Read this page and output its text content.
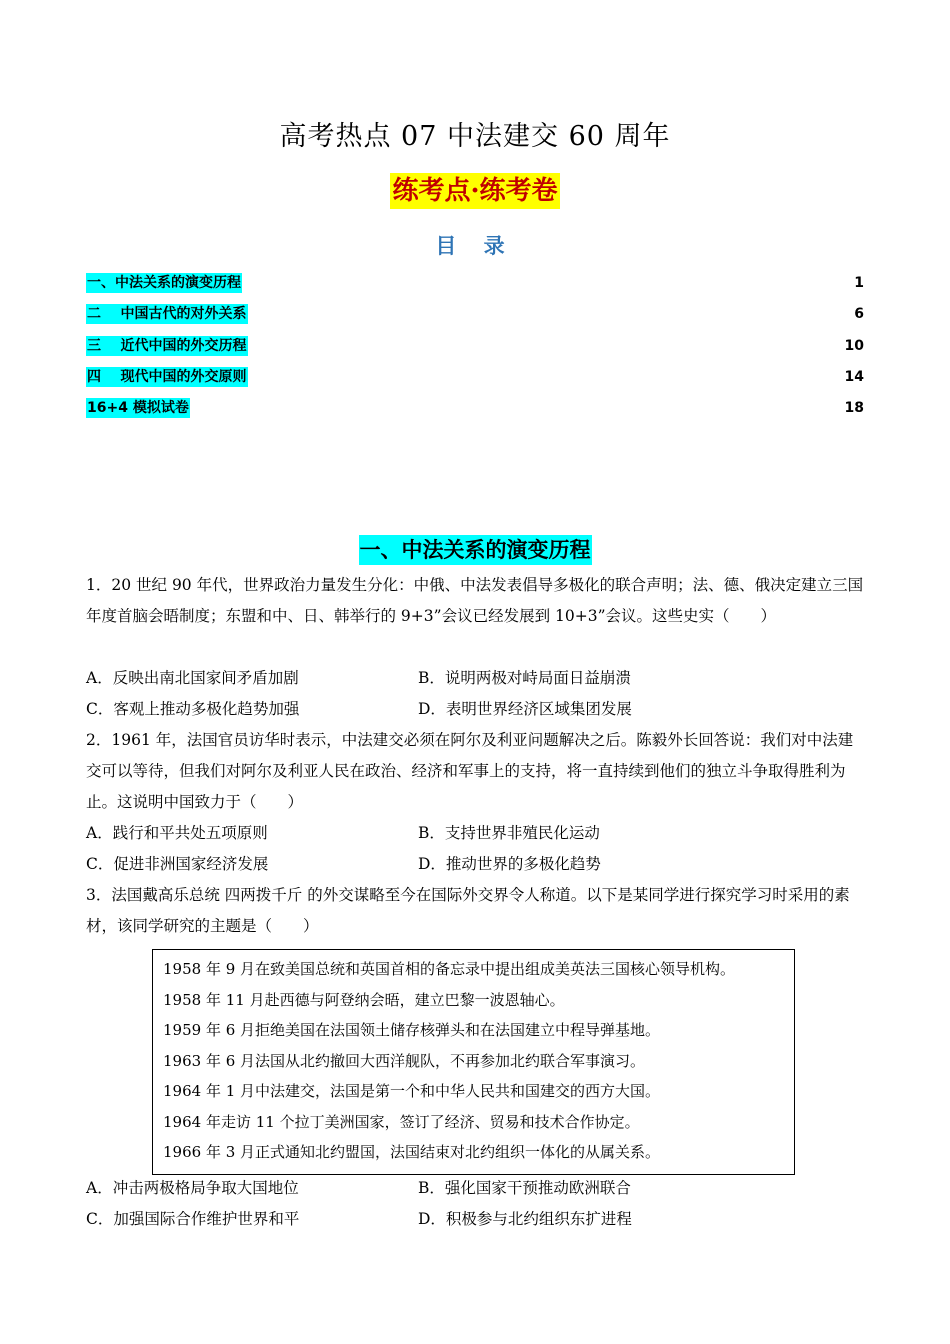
高考热点 07 中法建交 60 周年
练考点·练考卷
目 录
一、中法关系的演变历程	1
二    中国古代的对外关系	6
三    近代中国的外交历程	10
四    现代中国的外交原则	14
16+4 模拟试卷	18
一、中法关系的演变历程
1．20 世纪 90 年代，世界政治力量发生分化：中俄、中法发表倡导多极化的联合声明；法、德、俄决定建立三国年度首脑会晤制度；东盟和中、日、韩举行的 9+3”会议已经发展到 10+3”会议。这些史实（　　）
A．反映出南北国家间矛盾加剧	B．说明两极对峙局面日益崩溃
C．客观上推动多极化趋势加强	D．表明世界经济区域集团发展
2．1961 年，法国官员访华时表示，中法建交必须在阿尔及利亚问题解决之后。陈毅外长回答说：我们对中法建交可以等待，但我们对阿尔及利亚人民在政治、经济和军事上的支持，将一直持续到他们的独立斗争取得胜利为止。这说明中国致力于（　　）
A．践行和平共处五项原则	B．支持世界非殖民化运动
C．促进非洲国家经济发展	D．推动世界的多极化趋势
3．法国戴高乐总统 四两拨千斤 的外交谋略至今在国际外交界令人称道。以下是某同学进行探究学习时采用的素材，该同学研究的主题是（　　）
1958 年 9 月在致美国总统和英国首相的备忘录中提出组成美英法三国核心领导机构。
1958 年 11 月赴西德与阿登纳会晤，建立巴黎一波恩轴心。
1959 年 6 月拒绝美国在法国领土储存核弹头和在法国建立中程导弹基地。
1963 年 6 月法国从北约撤回大西洋舰队，不再参加北约联合军事演习。
1964 年 1 月中法建交，法国是第一个和中华人民共和国建交的西方大国。
1964 年走访 11 个拉丁美洲国家，签订了经济、贸易和技术合作协定。
1966 年 3 月正式通知北约盟国，法国结束对北约组织一体化的从属关系。
A．冲击两极格局争取大国地位	B．强化国家干预推动欧洲联合
C．加强国际合作维护世界和平	D．积极参与北约组织东扩进程
